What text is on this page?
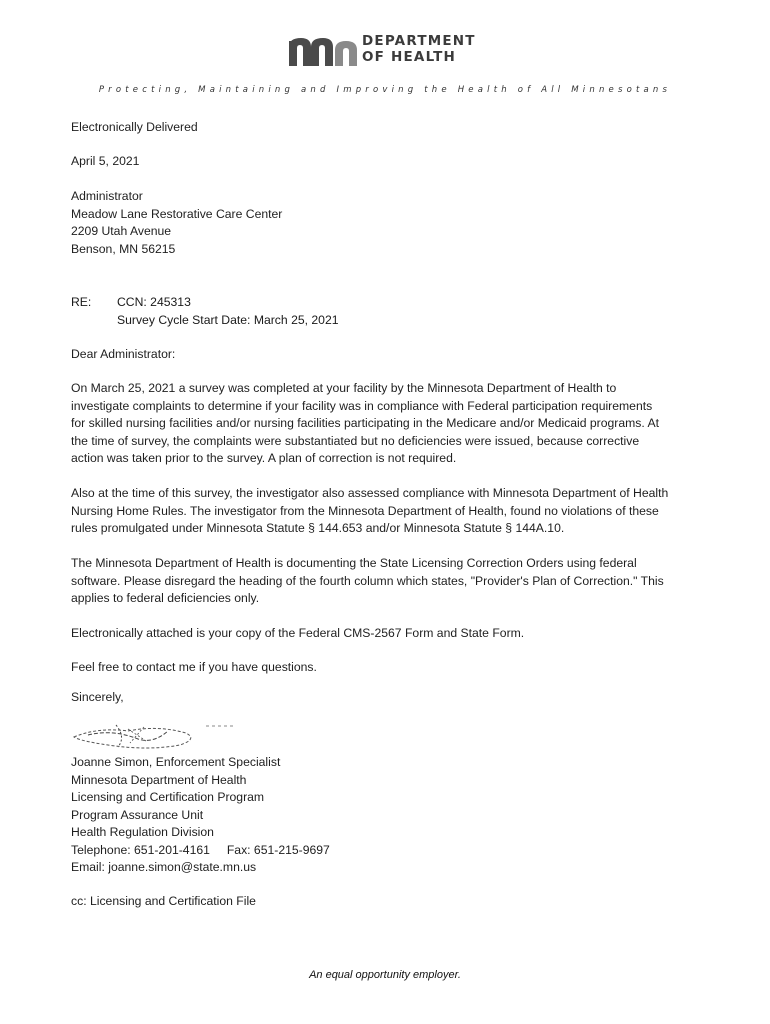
DEPARTMENT
OF HEALTH
Protecting, Maintaining and Improving the Health of All Minnesotans
Electronically Delivered
April 5, 2021
Administrator
Meadow Lane Restorative Care Center
2209 Utah Avenue
Benson, MN 56215
RE: CCN: 245313
Survey Cycle Start Date: March 25, 2021
Dear Administrator:
On March 25, 2021 a survey was completed at your facility by the Minnesota Department of Health to
investigate complaints to determine if your facility was in compliance with Federal participation requirements
for skilled nursing facilities and/or nursing facilities participating in the Medicare and/or Medicaid programs. At
the time of survey, the complaints were substantiated but no deficiencies were issued, because corrective
action was taken prior to the survey. A plan of correction is not required.
Also at the time of this survey, the investigator also assessed compliance with Minnesota Department of Health
Nursing Home Rules. The investigator from the Minnesota Department of Health, found no violations of these
rules promulgated under Minnesota Statute § 144.653 and/or Minnesota Statute § 144A.10.
The Minnesota Department of Health is documenting the State Licensing Correction Orders using federal
software. Please disregard the heading of the fourth column which states, "Provider's Plan of Correction." This
applies to federal deficiencies only.
Electronically attached is your copy of the Federal CMS-2567 Form and State Form.
Feel free to contact me if you have questions.
Sincerely,
Joanne Simon, Enforcement Specialist
Minnesota Department of Health
Licensing and Certification Program
Program Assurance Unit
Health Regulation Division
Telephone: 651-201-4161     Fax: 651-215-9697
Email: joanne.simon@state.mn.us
cc: Licensing and Certification File
An equal opportunity employer.
